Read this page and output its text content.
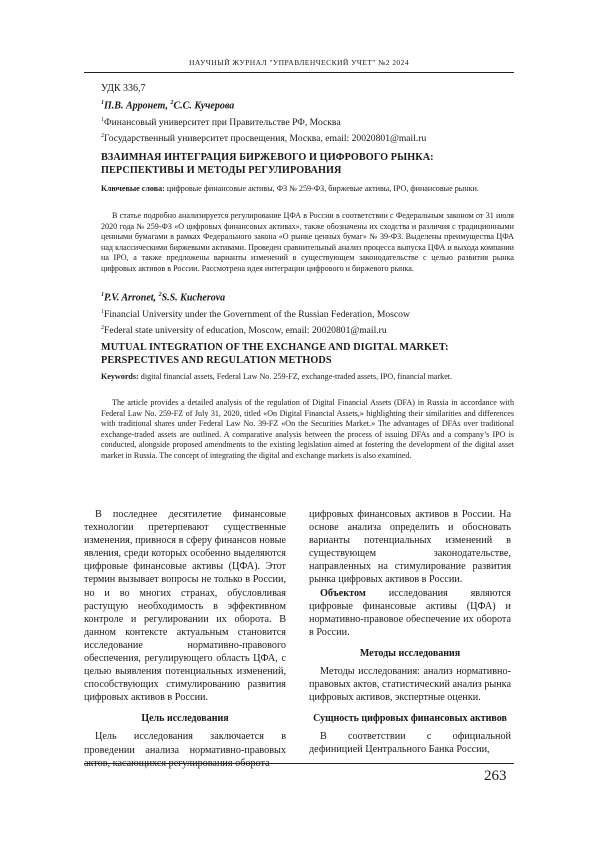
НАУЧНЫЙ ЖУРНАЛ "УПРАВЛЕНЧЕСКИЙ УЧЕТ" №2 2024
УДК 336,7
$^1$П.В. Арронет, $^2$С.С. Кучерова
$^1$Финансовый университет при Правительстве РФ, Москва
$^2$Государственный университет просвещения, Москва, email: 20020801@mail.ru
ВЗАИМНАЯ ИНТЕГРАЦИЯ БИРЖЕВОГО И ЦИФРОВОГО РЫНКА: ПЕРСПЕКТИВЫ И МЕТОДЫ РЕГУЛИРОВАНИЯ
Ключевые слова: цифровые финансовые активы, ФЗ № 259-ФЗ, биржевые активы, IPO, финансовые рынки.

В статье подробно анализируется регулирование ЦФА в России в соответствии с Федеральным законом от 31 июля 2020 года № 259-ФЗ «О цифровых финансовых активах», также обозначены их сходства и различия с традиционными ценными бумагами в рамках Федерального закона «О рынке ценных бумаг» № 39-ФЗ. Выделены преимущества ЦФА над классическими биржевыми активами. Проведен сравнительный анализ процесса выпуска ЦФА и выхода компании на IPO, а также предложены варианты изменений в существующем законодательстве с целью развития рынка цифровых активов в России. Рассмотрена идея интеграции цифрового и биржевого рынка.

$^1$P.V. Arronet, $^2$S.S. Kucherova
$^1$Financial University under the Government of the Russian Federation, Moscow
$^2$Federal state university of education, Moscow, email: 20020801@mail.ru
MUTUAL INTEGRATION OF THE EXCHANGE AND DIGITAL MARKET: PERSPECTIVES AND REGULATION METHODS
Keywords: digital financial assets, Federal Law No. 259-FZ, exchange-traded assets, IPO, financial market.

The article provides a detailed analysis of the regulation of Digital Financial Assets (DFA) in Russia in accordance with Federal Law No. 259-FZ of July 31, 2020, titled «On Digital Financial Assets,» highlighting their similarities and differences with traditional shares under Federal Law No. 39-FZ «On the Securities Market.» The advantages of DFAs over traditional exchange-traded assets are outlined. A comparative analysis between the process of issuing DFAs and a company’s IPO is conducted, alongside proposed amendments to the existing legislation aimed at fostering the development of the digital asset market in Russia. The concept of integrating the digital and exchange markets is also examined.

В последнее десятилетие финансовые технологии претерпевают существенные изменения, привнося в сферу финансов новые явления, среди которых особенно выделяются цифровые финансовые активы (ЦФА). Этот термин вызывает вопросы не только в России, но и во многих странах, обусловливая растущую необходимость в эффективном контроле и регулировании их оборота. В данном контексте актуальным становится исследование нормативно-правового обеспечения, регулирующего область ЦФА, с целью выявления потенциальных изменений, способствующих стимулированию развития цифровых активов в России.

Цель исследования

Цель исследования заключается в проведении анализа нормативно-правовых актов, касающихся регулирования оборота

цифровых финансовых активов в России. На основе анализа определить и обосновать варианты потенциальных изменений в существующем законодательстве, направленных на стимулирование развития рынка цифровых активов в России.

Объектом исследования являются цифровые финансовые активы (ЦФА) и нормативно-правовое обеспечение их оборота в России.

Методы исследования

Методы исследования: анализ нормативно-правовых актов, статистический анализ рынка цифровых активов, экспертные оценки.

Сущность цифровых финансовых активов

В соответствии с официальной дефиницией Центрального Банка России,

263
